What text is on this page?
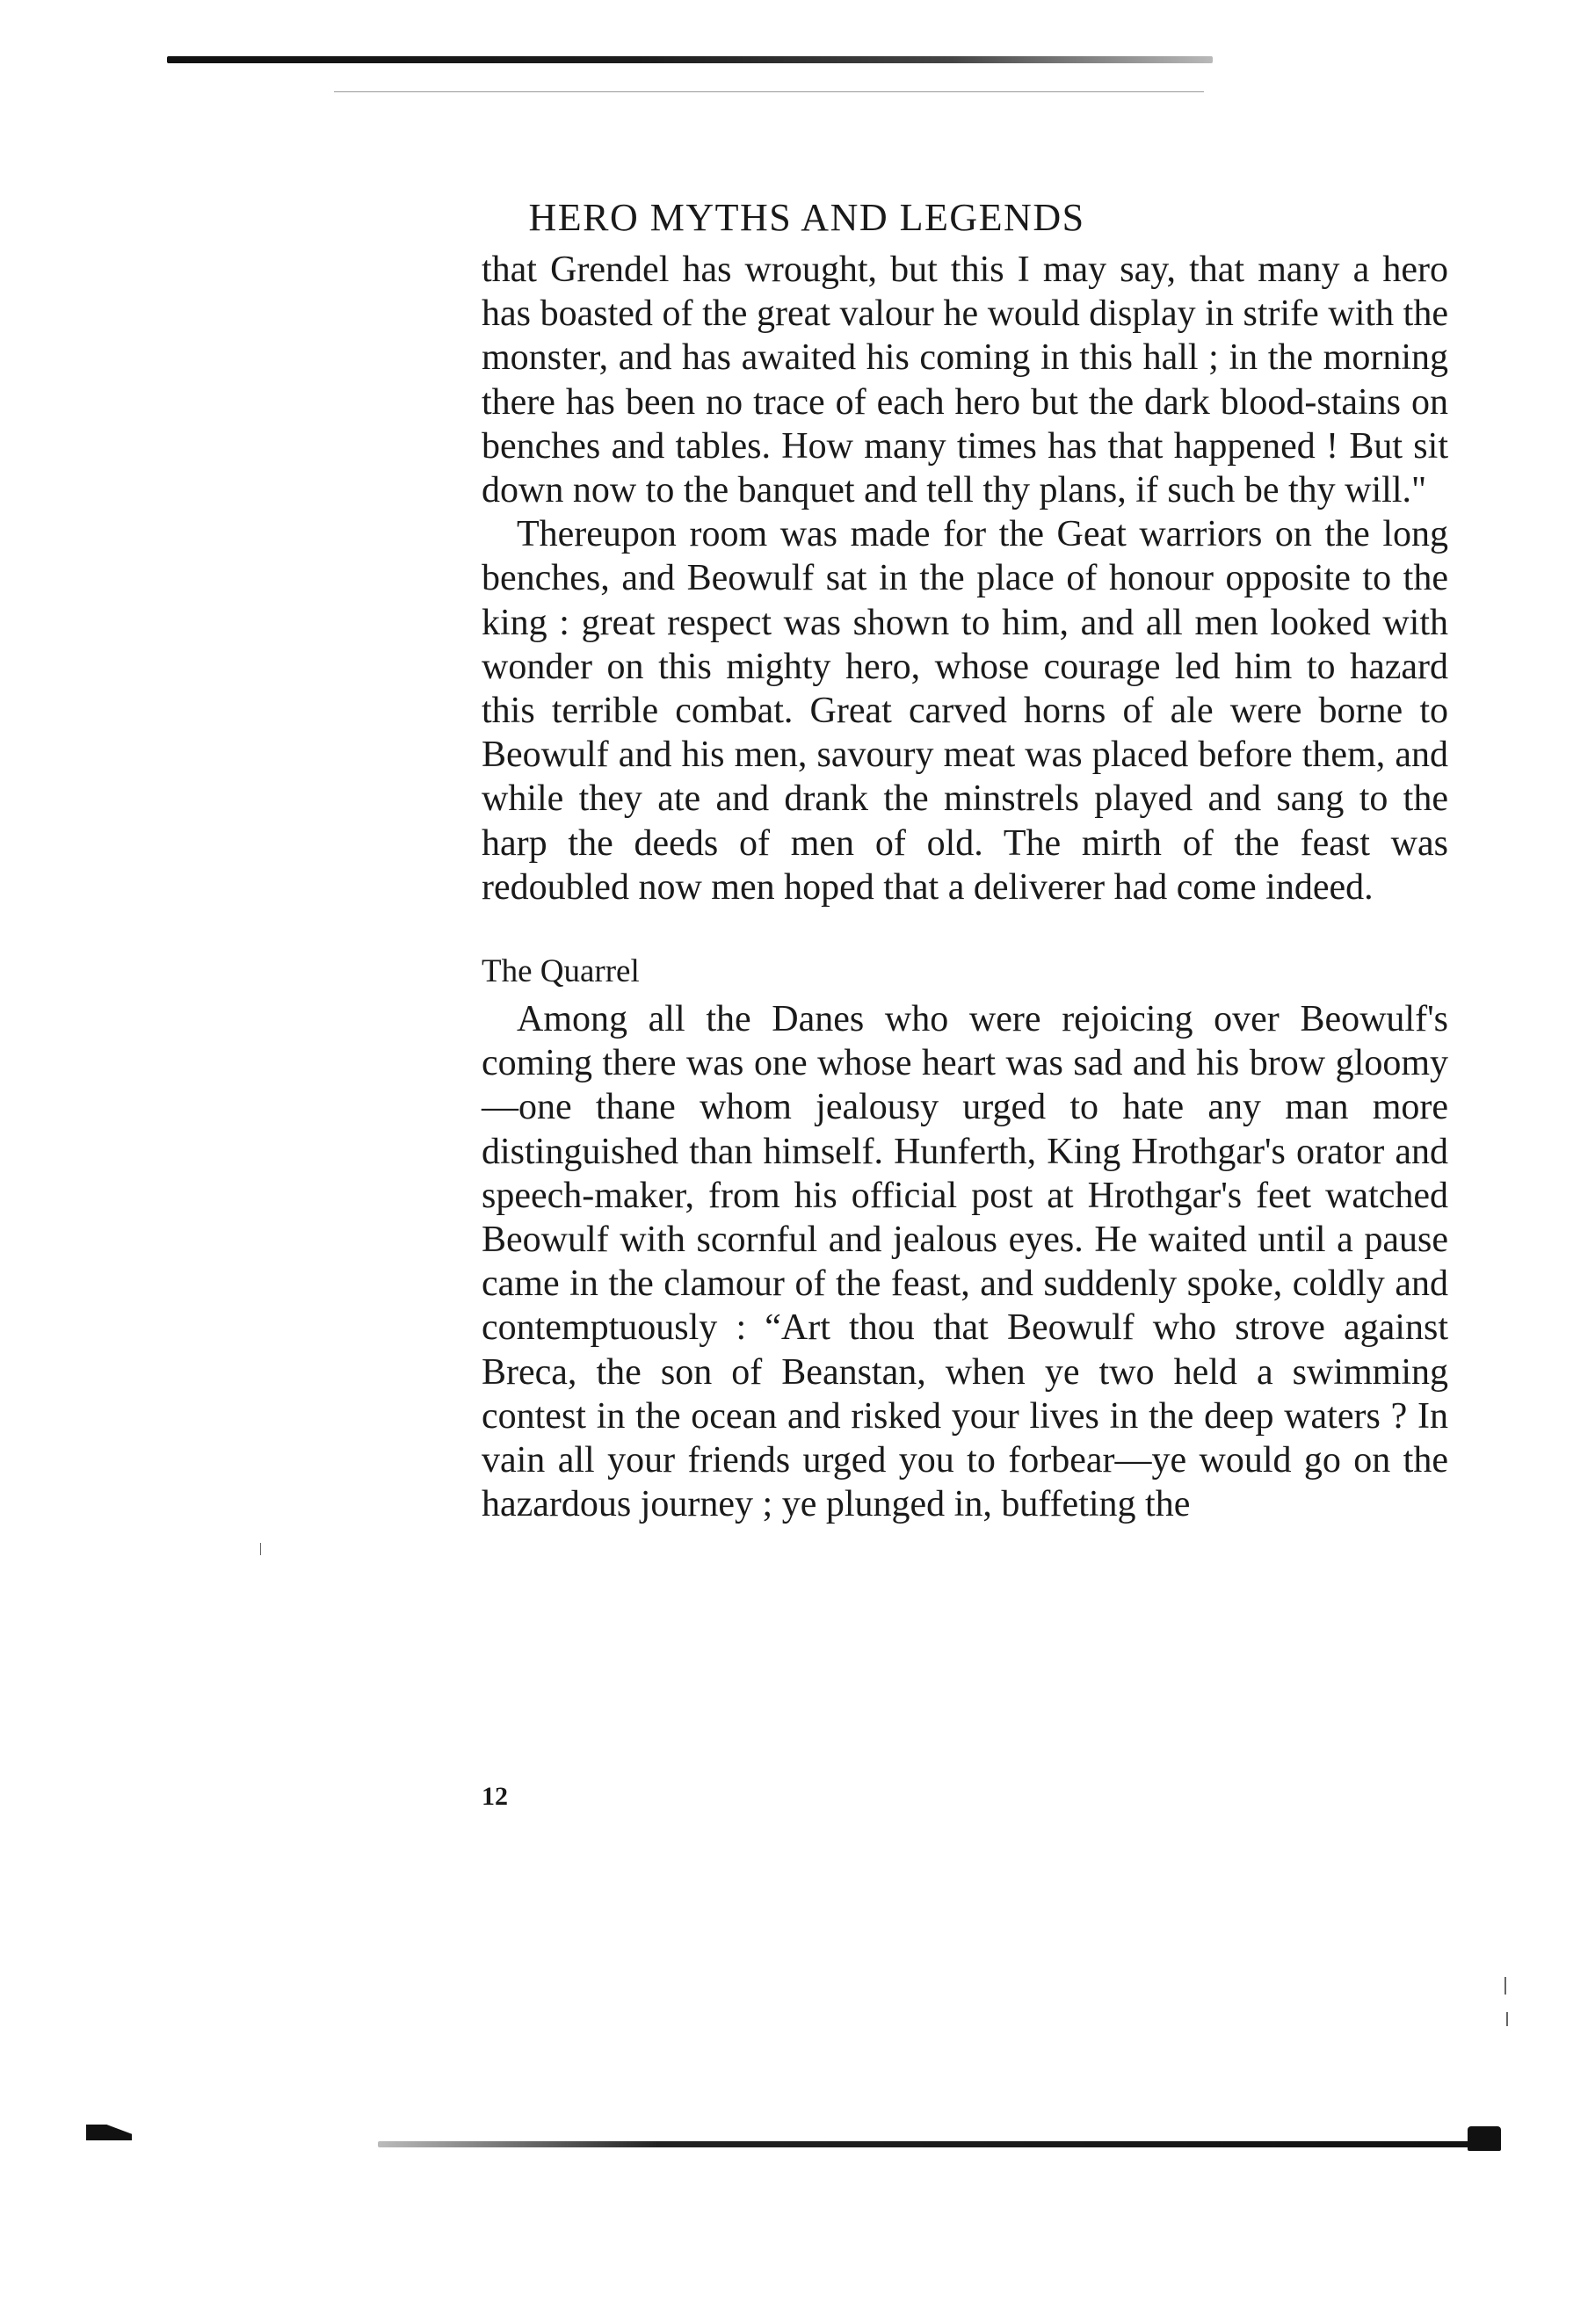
HERO MYTHS AND LEGENDS

that Grendel has wrought, but this I may say, that many a hero has boasted of the great valour he would display in strife with the monster, and has awaited his coming in this hall ; in the morning there has been no trace of each hero but the dark blood-stains on benches and tables. How many times has that happened ! But sit down now to the banquet and tell thy plans, if such be thy will."

Thereupon room was made for the Geat warriors on the long benches, and Beowulf sat in the place of honour opposite to the king : great respect was shown to him, and all men looked with wonder on this mighty hero, whose courage led him to hazard this terrible combat. Great carved horns of ale were borne to Beowulf and his men, savoury meat was placed before them, and while they ate and drank the minstrels played and sang to the harp the deeds of men of old. The mirth of the feast was redoubled now men hoped that a deliverer had come indeed.

The Quarrel

Among all the Danes who were rejoicing over Beowulf's coming there was one whose heart was sad and his brow gloomy—one thane whom jealousy urged to hate any man more distinguished than himself. Hunferth, King Hrothgar's orator and speech-maker, from his official post at Hrothgar's feet watched Beowulf with scornful and jealous eyes. He waited until a pause came in the clamour of the feast, and suddenly spoke, coldly and contemptuously : “Art thou that Beowulf who strove against Breca, the son of Beanstan, when ye two held a swimming contest in the ocean and risked your lives in the deep waters ? In vain all your friends urged you to forbear—ye would go on the hazardous journey ; ye plunged in, buffeting the

12
